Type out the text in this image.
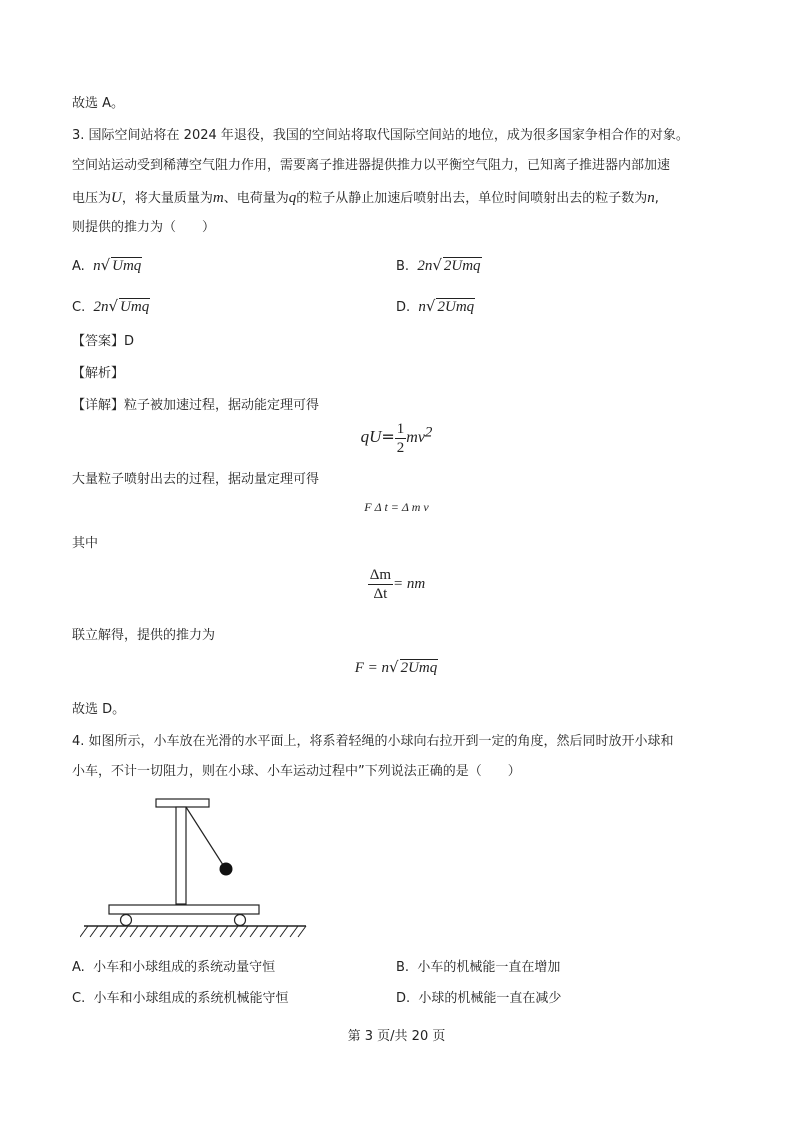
故选 A。
3. 国际空间站将在 2024 年退役，我国的空间站将取代国际空间站的地位，成为很多国家争相合作的对象。
空间站运动受到稀薄空气阻力作用，需要离子推进器提供推力以平衡空气阻力，已知离子推进器内部加速
电压为U，将大量质量为m、电荷量为q的粒子从静止加速后喷射出去，单位时间喷射出去的粒子数为n,
则提供的推力为（　　）
A. n√ Umq	B. 2n√ 2Umq
C. 2n√ Umq	D. n√ 2Umq
【答案】D
【解析】
【详解】粒子被加速过程，据动能定理可得
$qU= \frac{1}{2} mv^2$
大量粒子喷射出去的过程，据动量定理可得
F Δ t = Δ m v
其中
$\frac{\Delta m}{\Delta t}$ = nm
联立解得，提供的推力为
F = n√ 2Umq
故选 D。
4. 如图所示，小车放在光滑的水平面上，将系着轻绳的小球向右拉开到一定的角度，然后同时放开小球和
小车，不计一切阻力，则在小球、小车运动过程中”下列说法正确的是（　　）
A. 小车和小球组成的系统动量守恒	B. 小车的机械能一直在增加
C. 小车和小球组成的系统机械能守恒	D. 小球的机械能一直在减少
第 3 页/共 20 页
